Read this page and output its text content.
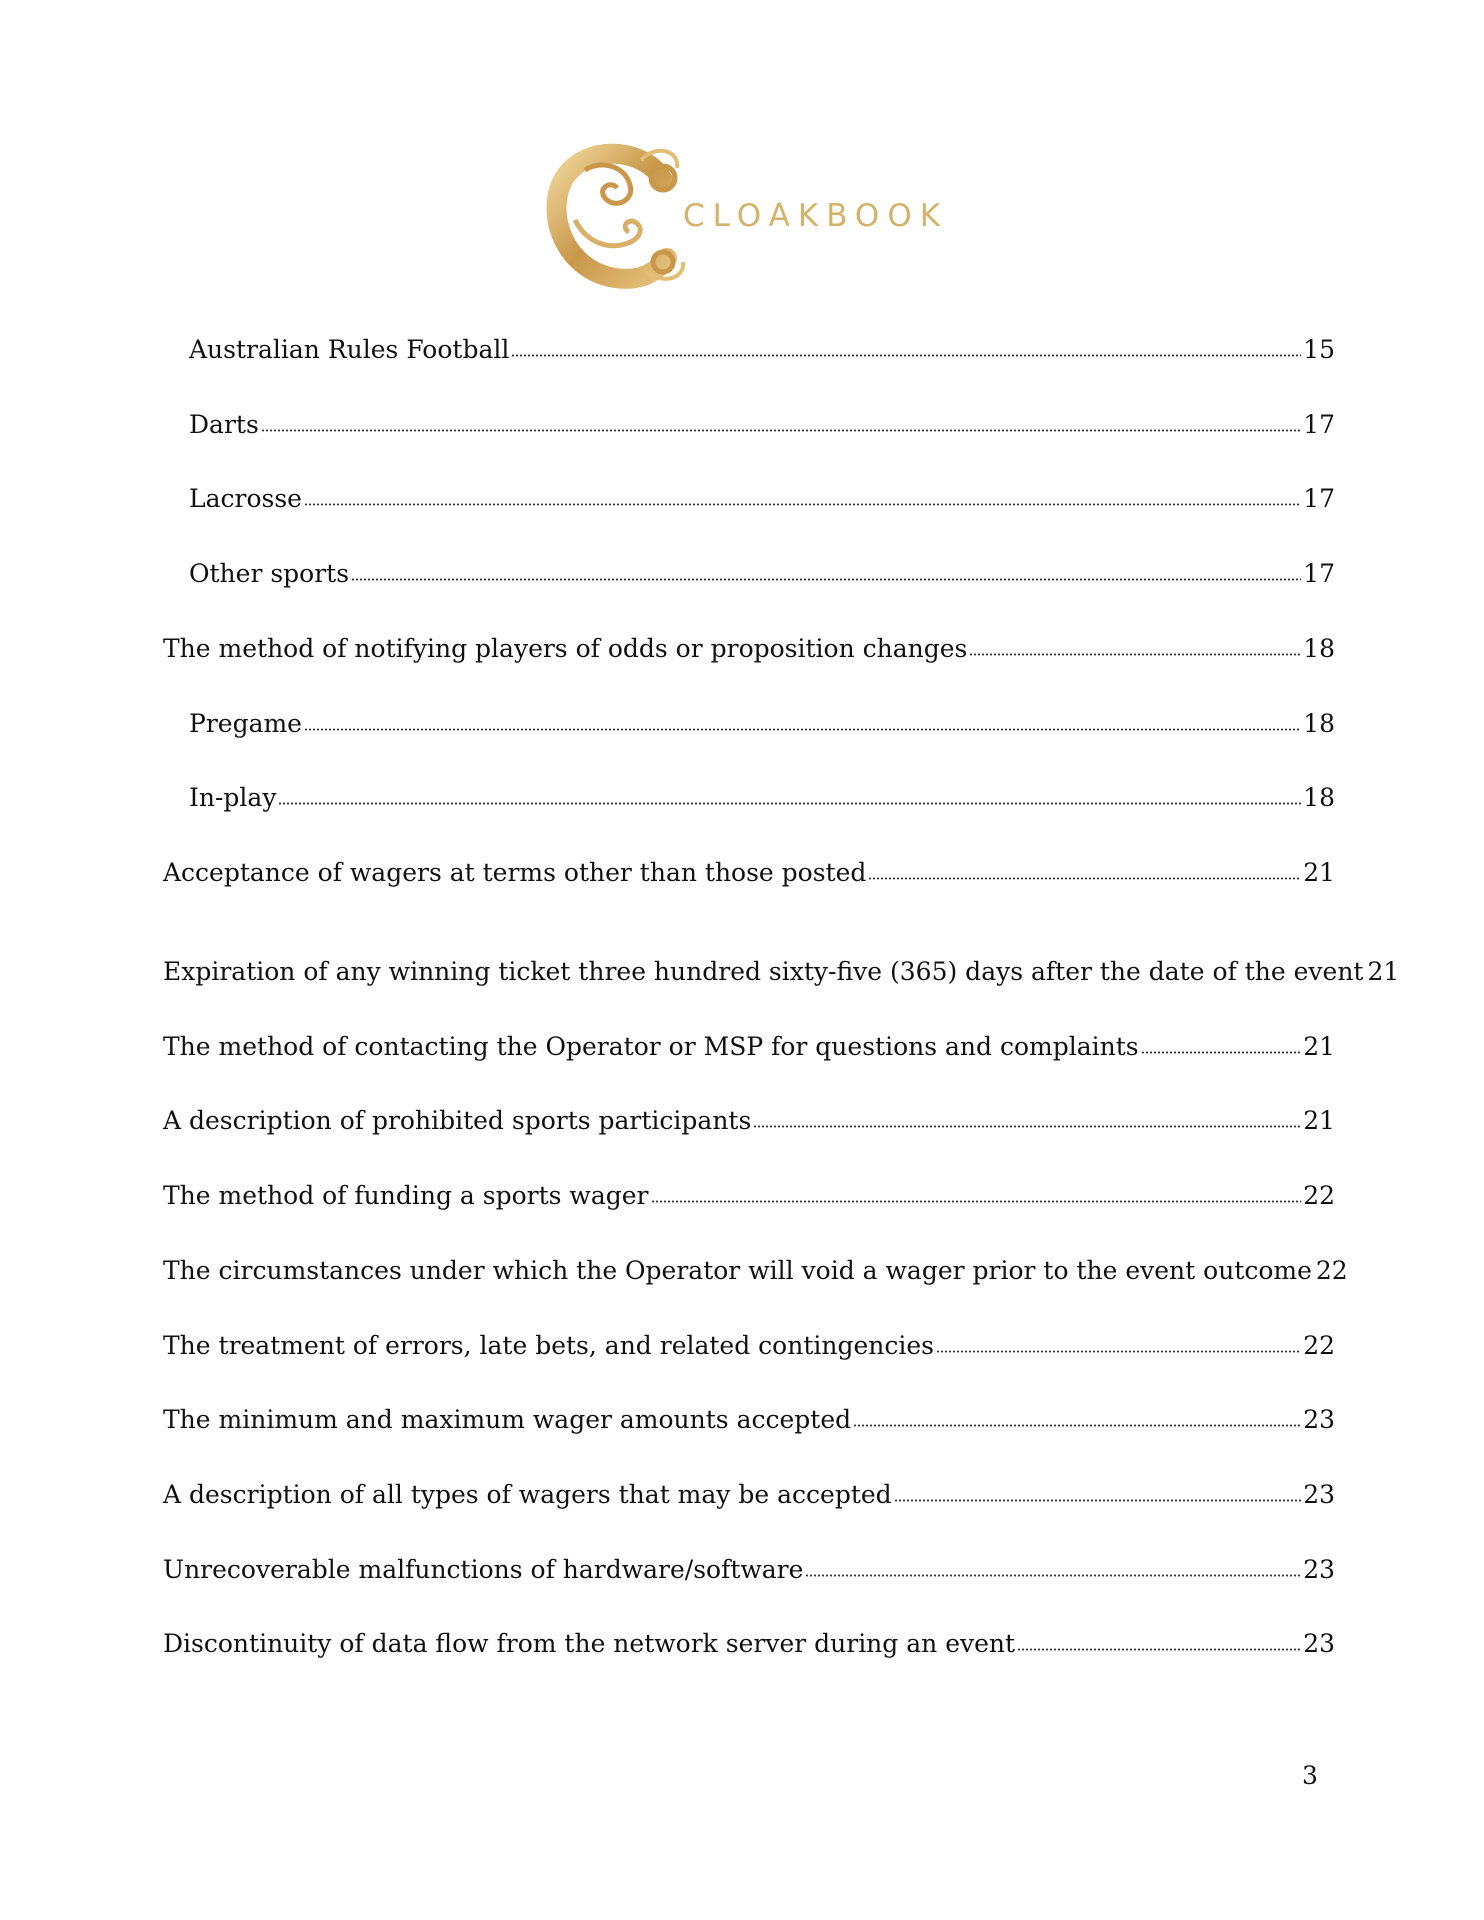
CLOAKBOOK
Australian Rules Football	15
Darts	17
Lacrosse	17
Other sports	17
The method of notifying players of odds or proposition changes	18
Pregame	18
In-play	18
Acceptance of wagers at terms other than those posted	21
Expiration of any winning ticket three hundred sixty-five (365) days after the date of the event 21
The method of contacting the Operator or MSP for questions and complaints	21
A description of prohibited sports participants	21
The method of funding a sports wager	22
The circumstances under which the Operator will void a wager prior to the event outcome 22
The treatment of errors, late bets, and related contingencies	22
The minimum and maximum wager amounts accepted	23
A description of all types of wagers that may be accepted	23
Unrecoverable malfunctions of hardware/software	23
Discontinuity of data flow from the network server during an event	23
3
